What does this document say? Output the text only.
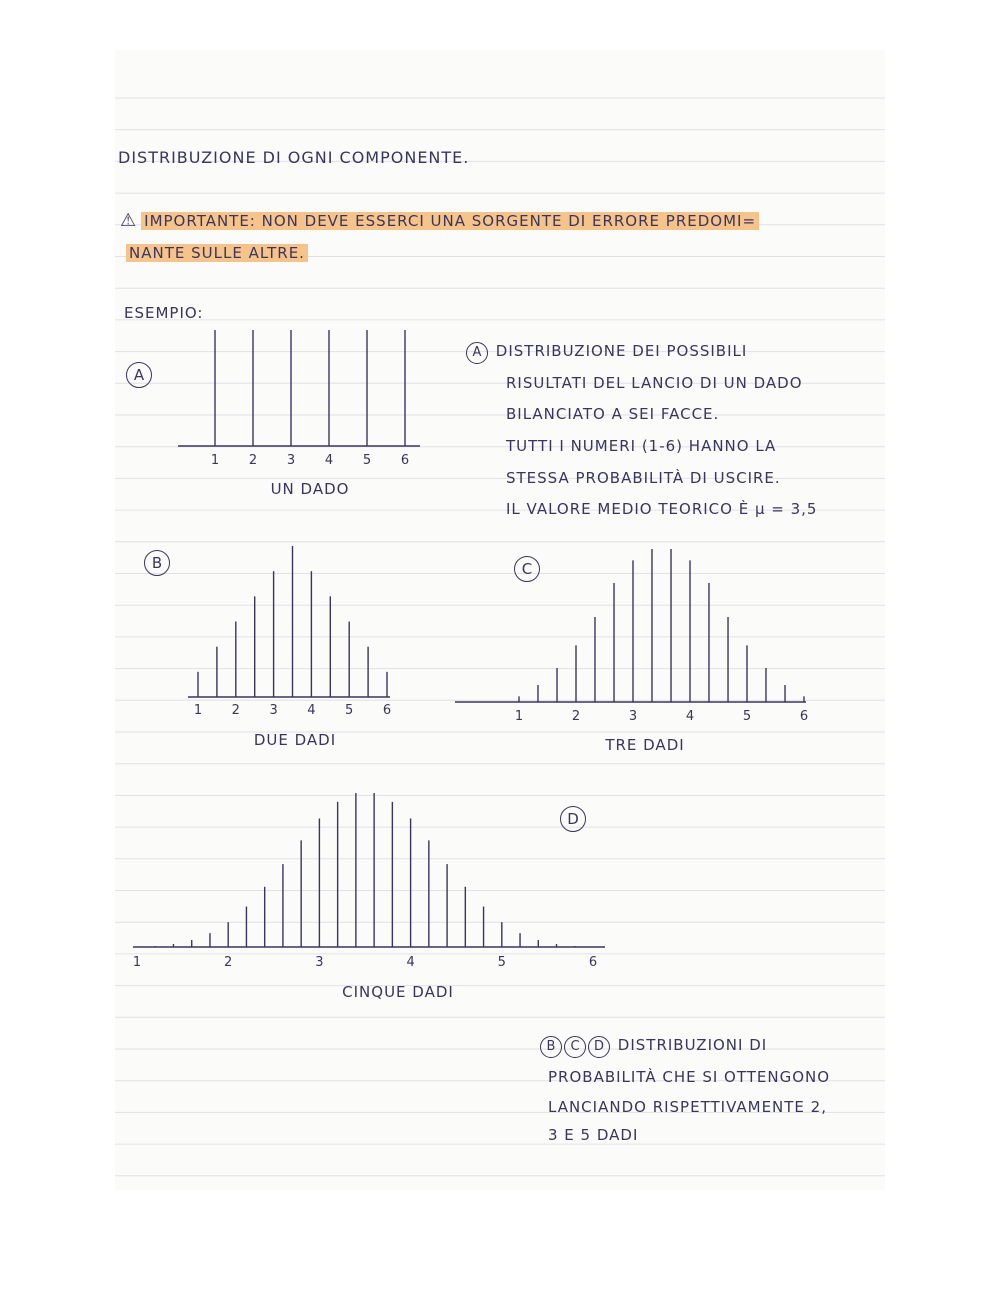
DISTRIBUZIONE DI OGNI COMPONENTE.
⚠ IMPORTANTE: NON DEVE ESSERCI UNA SORGENTE DI ERRORE PREDOMI=
NANTE SULLE ALTRE.
ESEMPIO:
A
B	C
D
A DISTRIBUZIONE DEI POSSIBILI
RISULTATI DEL LANCIO DI UN DADO
BILANCIATO A SEI FACCE.
TUTTI I NUMERI (1-6) HANNO LA
STESSA PROBABILITÀ DI USCIRE.
IL VALORE MEDIO TEORICO È μ = 3,5
B C D DISTRIBUZIONI DI
PROBABILITÀ CHE SI OTTENGONO
LANCIANDO RISPETTIVAMENTE 2,
3 E 5 DADI
1 2 3 4 5 6
UN DADO
1 2 3 4 5 6
DUE DADI
1	2	3	4	5	6
TRE DADI
1	2	3	4	5	6
CINQUE DADI
